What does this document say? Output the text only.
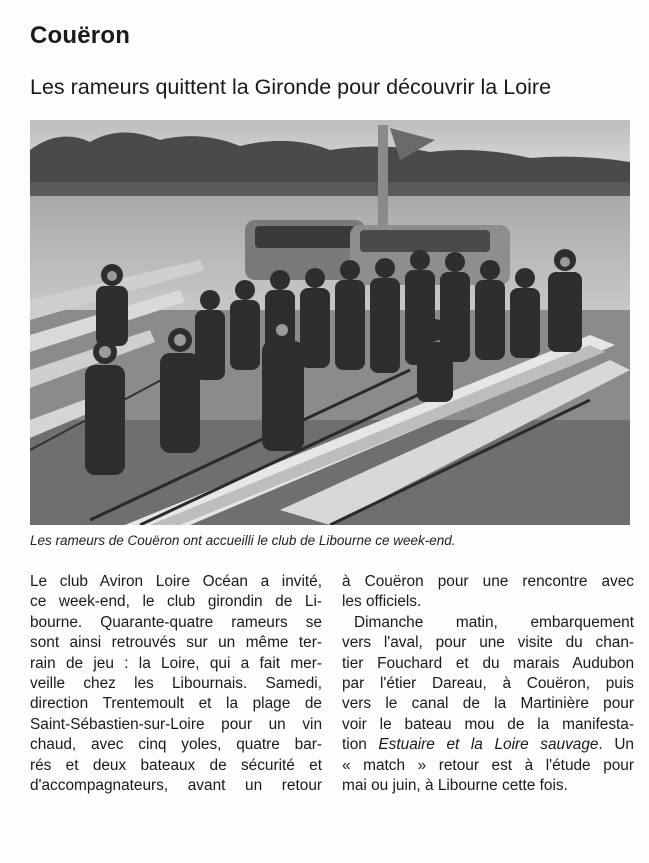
Couëron
Les rameurs quittent la Gironde pour découvrir la Loire
Les rameurs de Couëron ont accueilli le club de Libourne ce week-end.

Le club Aviron Loire Océan a invité,
ce week-end, le club girondin de Li-
bourne. Quarante-quatre rameurs se
sont ainsi retrouvés sur un même ter-
rain de jeu : la Loire, qui a fait mer-
veille chez les Libournais. Samedi,
direction Trentemoult et la plage de
Saint-Sébastien-sur-Loire pour un vin
chaud, avec cinq yoles, quatre bar-
rés et deux bateaux de sécurité et
d'accompagnateurs, avant un retour

à Couëron pour une rencontre avec
les officiels.

Dimanche matin, embarquement
vers l'aval, pour une visite du chan-
tier Fouchard et du marais Audubon
par l'étier Dareau, à Couëron, puis
vers le canal de la Martinière pour
voir le bateau mou de la manifesta-
tion Estuaire et la Loire sauvage. Un
« match » retour est à l'étude pour
mai ou juin, à Libourne cette fois.
